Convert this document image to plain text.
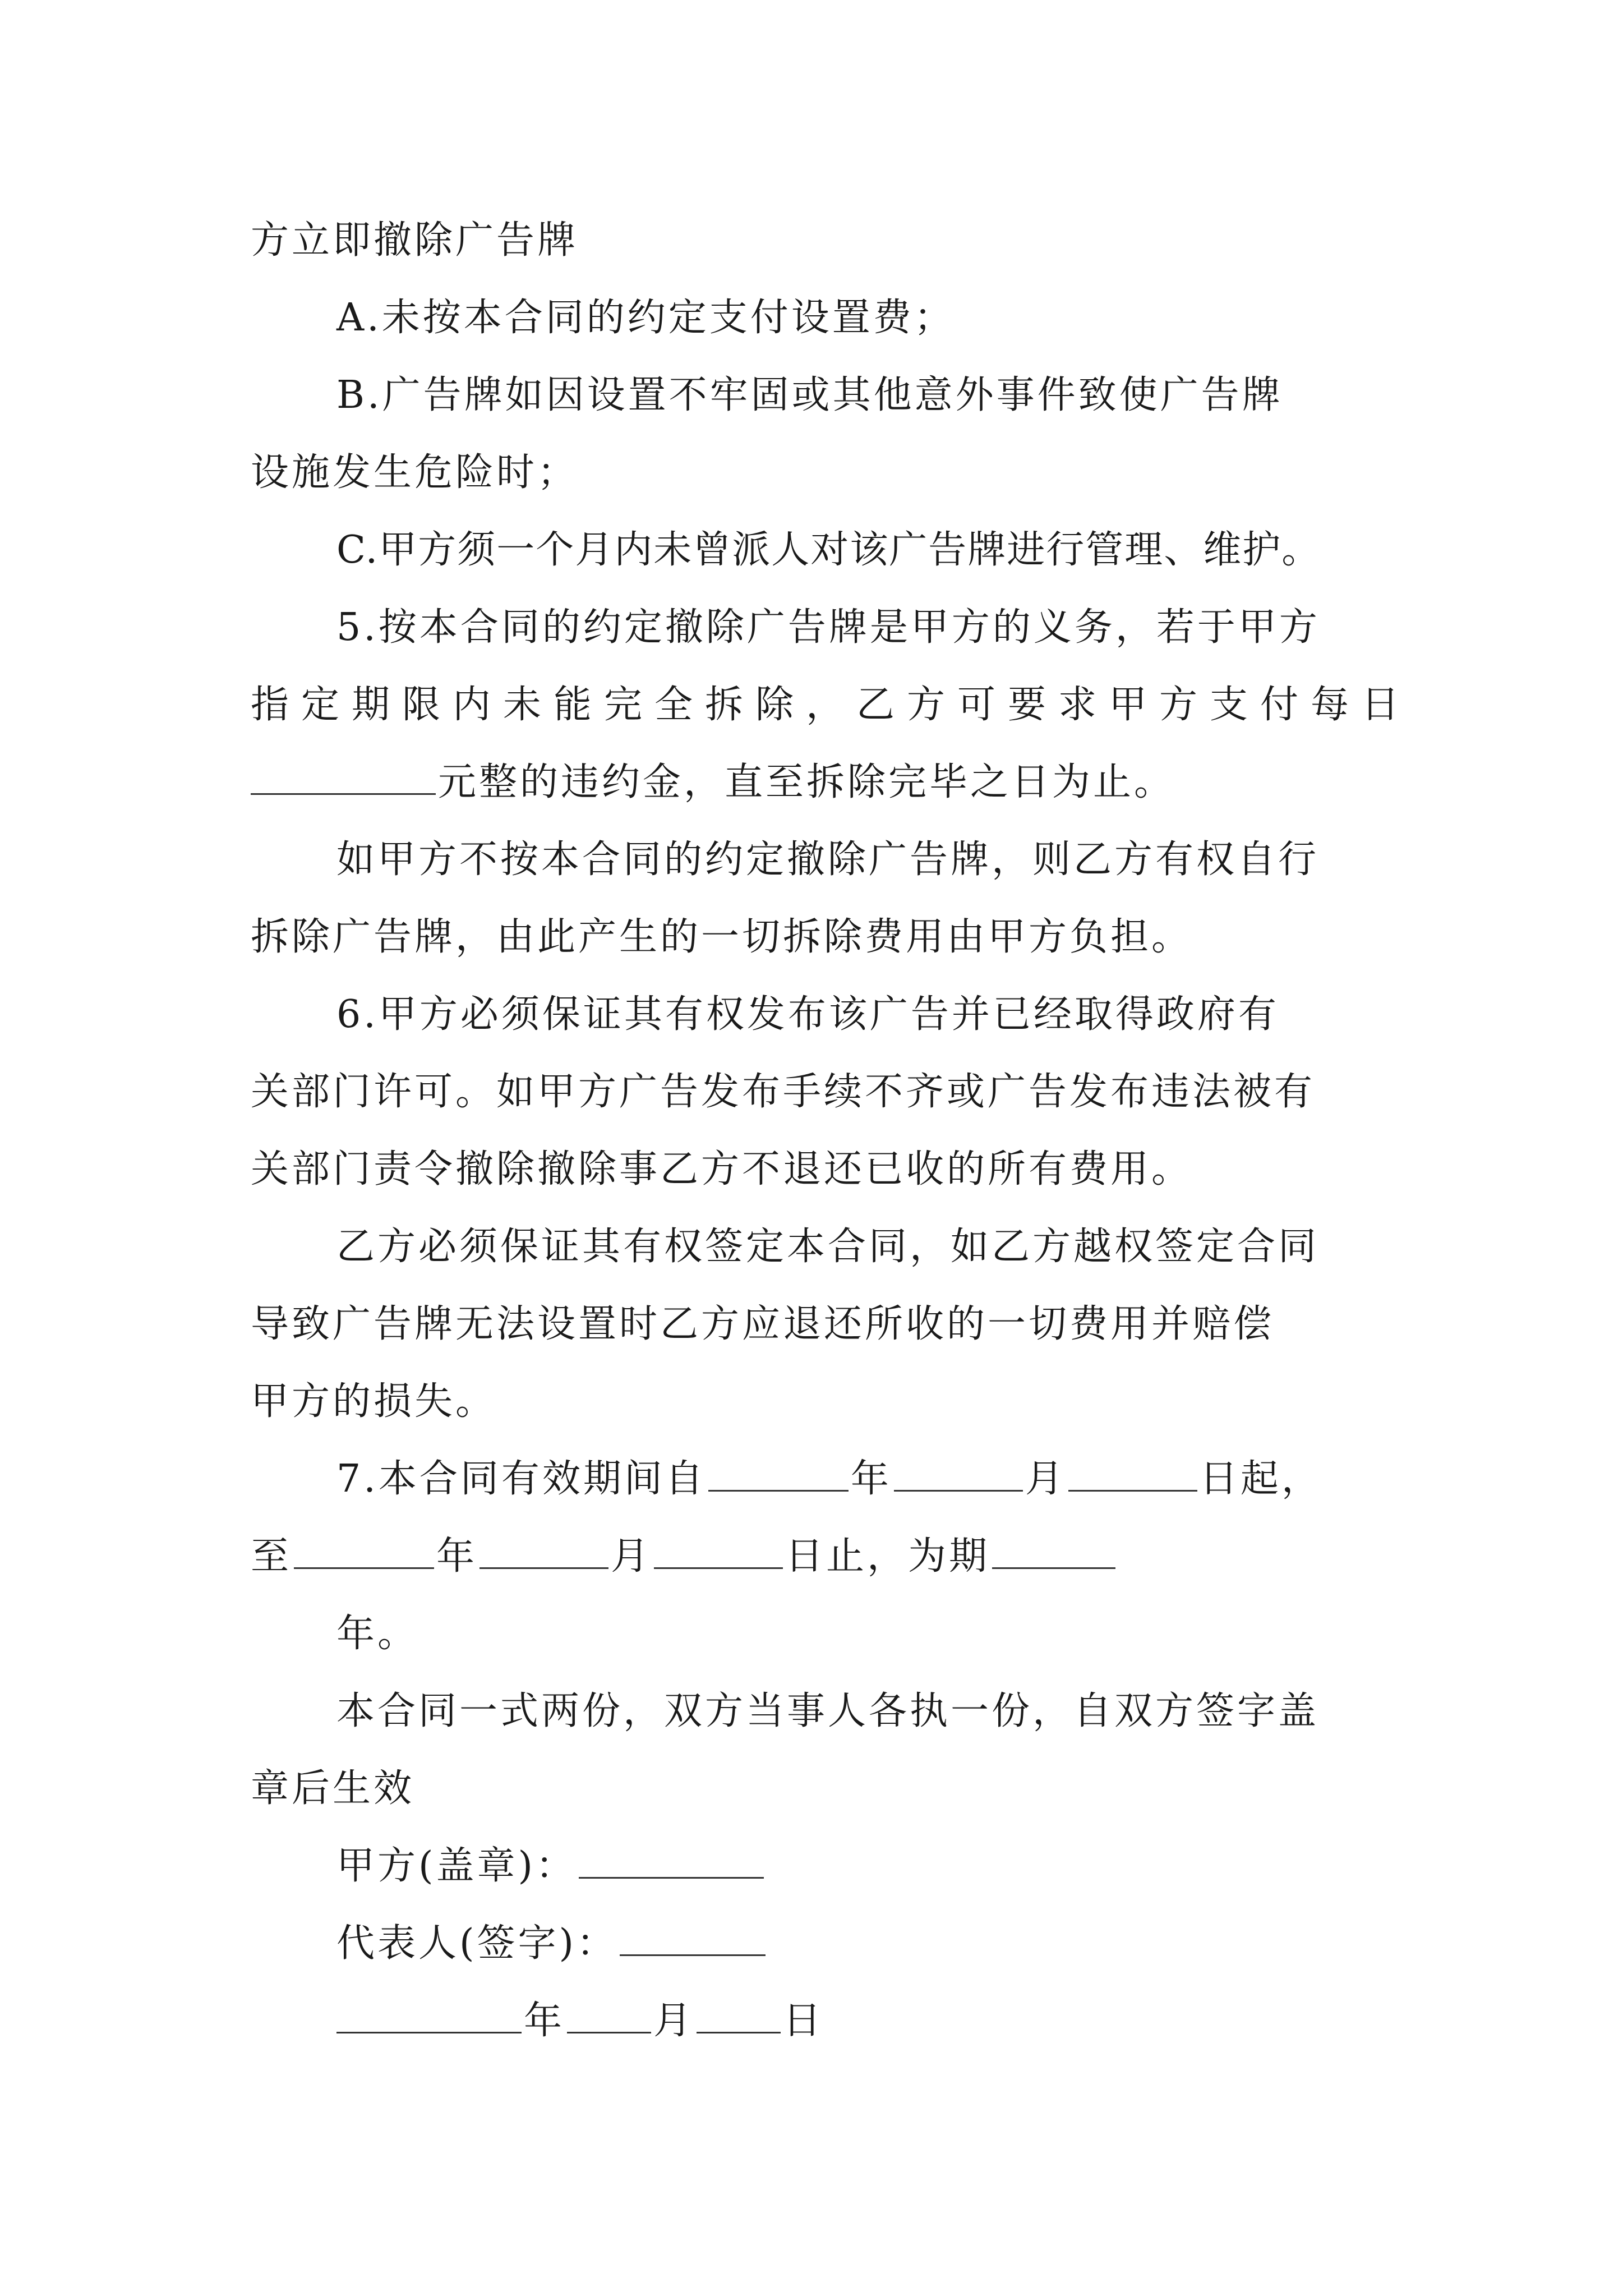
方立即撤除广告牌
A.未按本合同的约定支付设置费；
B.广告牌如因设置不牢固或其他意外事件致使广告牌
设施发生危险时；
C.甲方须一个月内未曾派人对该广告牌进行管理、维护。
5.按本合同的约定撤除广告牌是甲方的义务，若于甲方
指定期限内未能完全拆除，乙方可要求甲方支付每日
元整的违约金，直至拆除完毕之日为止。
如甲方不按本合同的约定撤除广告牌，则乙方有权自行
拆除广告牌，由此产生的一切拆除费用由甲方负担。
6.甲方必须保证其有权发布该广告并已经取得政府有
关部门许可。如甲方广告发布手续不齐或广告发布违法被有
关部门责令撤除撤除事乙方不退还已收的所有费用。
乙方必须保证其有权签定本合同，如乙方越权签定合同
导致广告牌无法设置时乙方应退还所收的一切费用并赔偿
甲方的损失。
7.本合同有效期间自	年	月	日起，
至	年	月	日止，为期
年。
本合同一式两份，双方当事人各执一份，自双方签字盖
章后生效
甲方(盖章)：
代表人(签字)：
年 月 日
